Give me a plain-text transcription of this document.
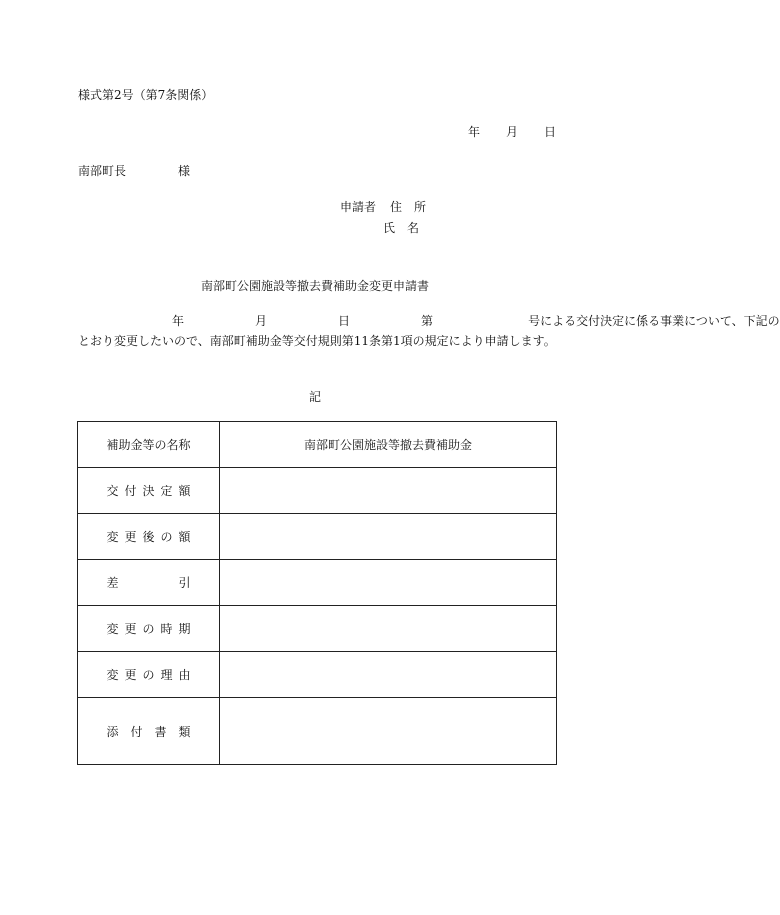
様式第2号（第7条関係）
年 月 日
南部町長	様
申請者 住　所
氏　名
南部町公園施設等撤去費補助金変更申請書
年	月	日	第	号による交付決定に係る事業について、下記の
とおり変更したいので、南部町補助金等交付規則第11条第1項の規定により申請します。
記
補助金等の名称	南部町公園施設等撤去費補助金

交 付 決 定 額	

変 更 後 の 額	

差 引	

変 更 の 時 期	

変 更 の 理 由	

添 付 書 類	
